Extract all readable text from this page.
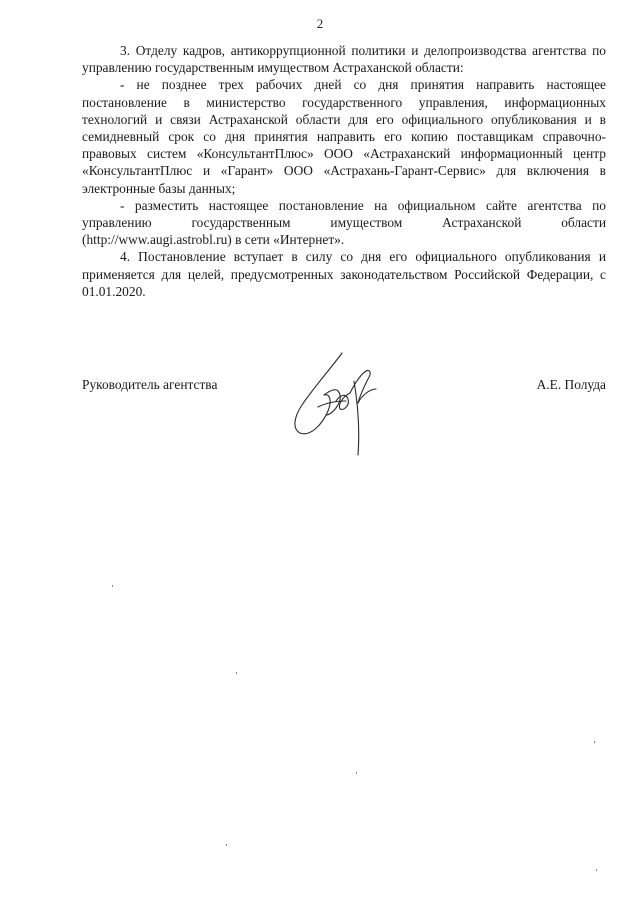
2

3. Отделу кадров, антикоррупционной политики и делопроизводства агентства по управлению государственным имуществом Астраханской области:

- не позднее трех рабочих дней со дня принятия направить настоящее постановление в министерство государственного управления, информационных технологий и связи Астраханской области для его официального опубликования и в семидневный срок со дня принятия направить его копию поставщикам справочно-правовых систем «КонсультантПлюс» ООО «Астраханский информационный центр «КонсультантПлюс и «Гарант» ООО «Астрахань-Гарант-Сервис» для включения в электронные базы данных;

- разместить настоящее постановление на официальном сайте агентства по управлению государственным имуществом Астраханской области (http://www.augi.astrobl.ru) в сети «Интернет».

4. Постановление вступает в силу со дня его официального опубликования и применяется для целей, предусмотренных законодательством Российской Федерации, с 01.01.2020.

Руководитель агентства	А.Е. Полуда
